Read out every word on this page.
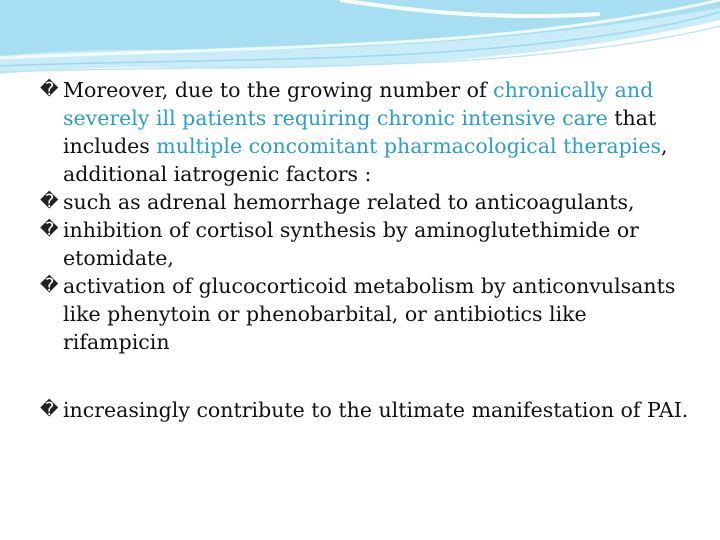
� Moreover, due to the growing number of chronically and severely ill patients requiring chronic intensive care that includes multiple concomitant pharmacological therapies, additional iatrogenic factors :

� such as adrenal hemorrhage related to anticoagulants,

� inhibition of cortisol synthesis by aminoglutethimide or etomidate,

� activation of glucocorticoid metabolism by anticonvulsants like phenytoin or phenobarbital, or antibiotics like rifampicin

� increasingly contribute to the ultimate manifestation of PAI.
